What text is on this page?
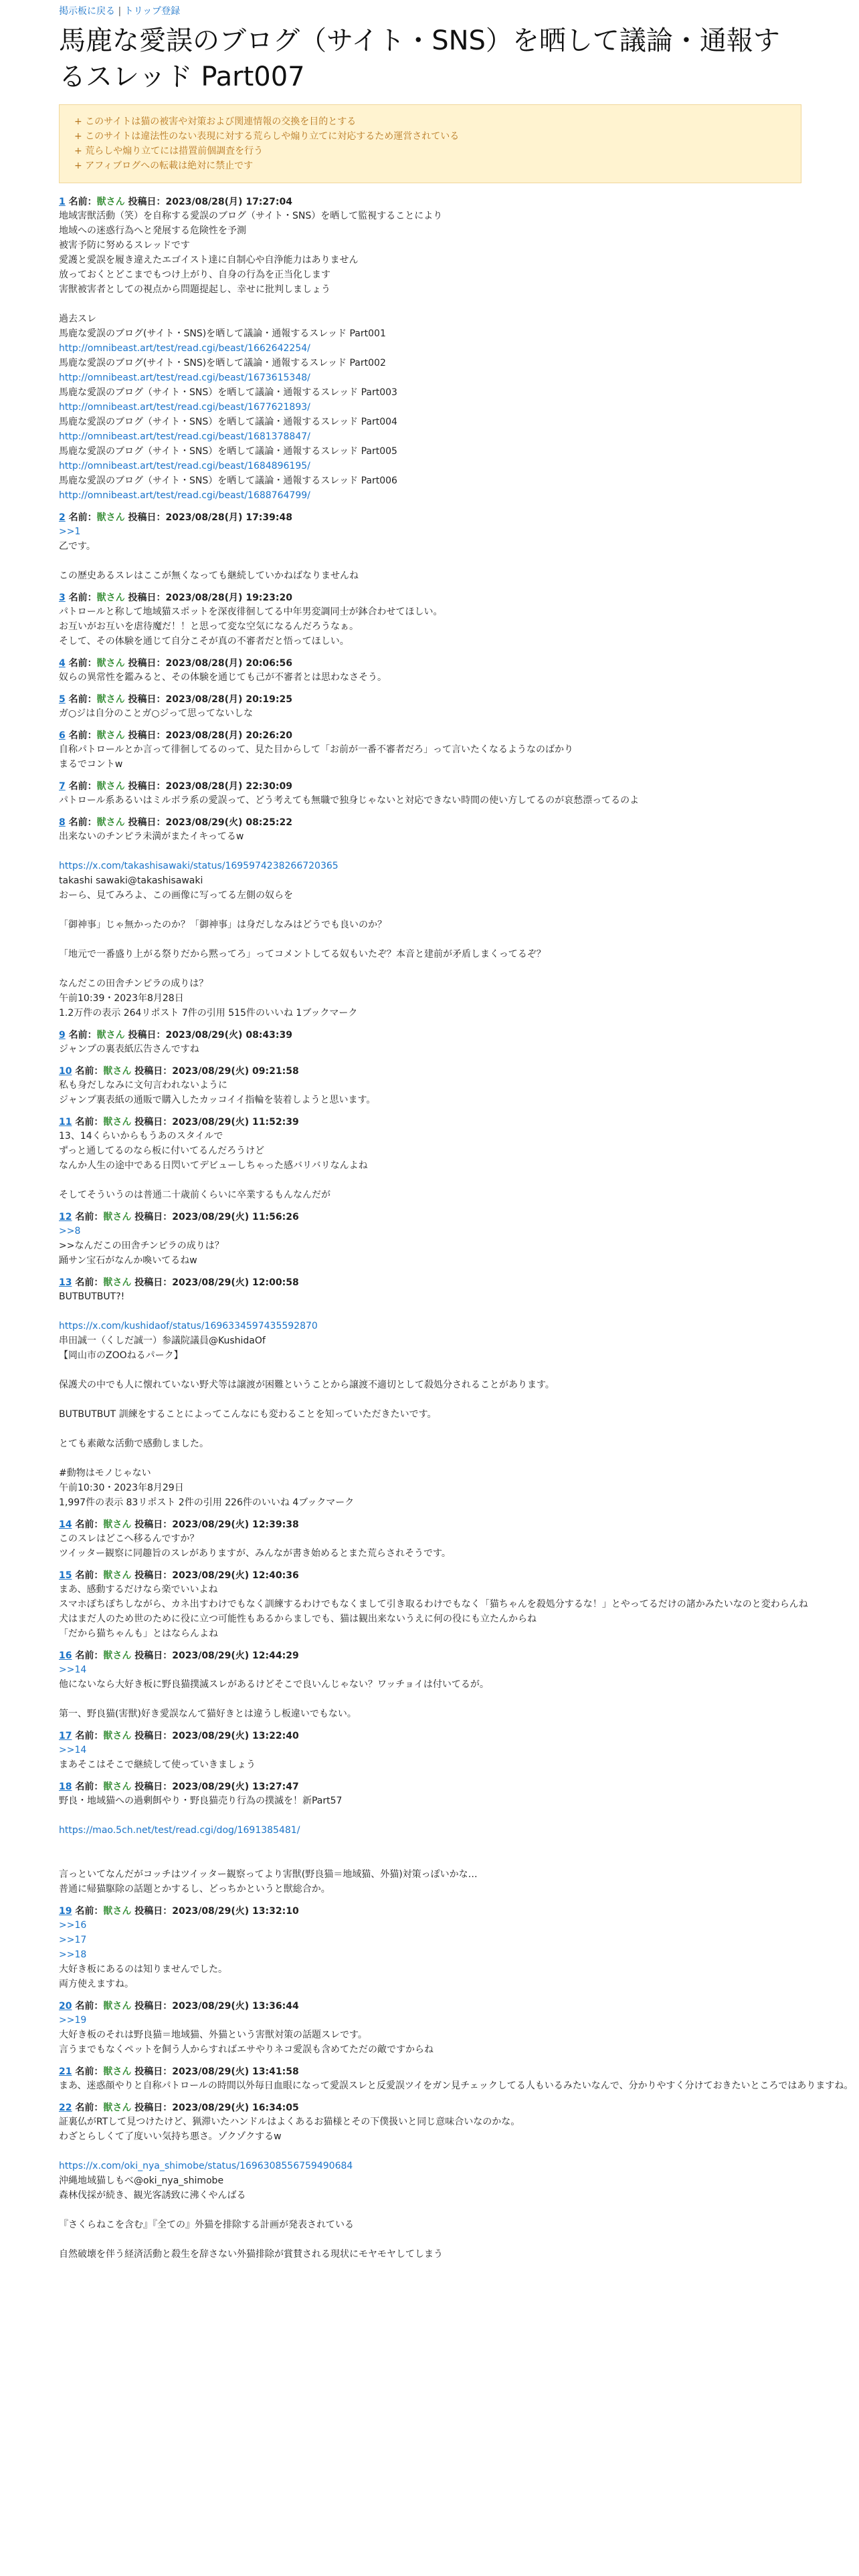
掲示板に戻る | トリップ登録
馬鹿な愛誤のブログ（サイト・SNS）を晒して議論・通報するスレッド Part007
+ このサイトは猫の被害や対策および関連情報の交換を目的とする
+ このサイトは違法性のない表現に対する荒らしや煽り立てに対応するため運営されている
+ 荒らしや煽り立てには措置前個調査を行う
+ アフィブログへの転載は絶対に禁止です
1 名前：獣さん 投稿日：2023/08/28(月) 17:27:04
地域害獣活動（笑）を自称する愛誤のブログ（サイト・SNS）を晒して監視することにより
地域への迷惑行為へと発展する危険性を予測
被害予防に努めるスレッドです
愛護と愛誤を履き違えたエゴイスト達に自制心や自浄能力はありません
放っておくとどこまでもつけ上がり、自身の行為を正当化します
害獣被害者としての視点から問題提起し、幸せに批判しましょう
過去スレ
馬鹿な愛誤のブログ(サイト・SNS)を晒して議論・通報するスレッド Part001
http://omnibeast.art/test/read.cgi/beast/1662642254/
馬鹿な愛誤のブログ(サイト・SNS)を晒して議論・通報するスレッド Part002
http://omnibeast.art/test/read.cgi/beast/1673615348/
馬鹿な愛誤のブログ（サイト・SNS）を晒して議論・通報するスレッド Part003
http://omnibeast.art/test/read.cgi/beast/1677621893/
馬鹿な愛誤のブログ（サイト・SNS）を晒して議論・通報するスレッド Part004
http://omnibeast.art/test/read.cgi/beast/1681378847/
馬鹿な愛誤のブログ（サイト・SNS）を晒して議論・通報するスレッド Part005
http://omnibeast.art/test/read.cgi/beast/1684896195/
馬鹿な愛誤のブログ（サイト・SNS）を晒して議論・通報するスレッド Part006
http://omnibeast.art/test/read.cgi/beast/1688764799/
2 名前：獣さん 投稿日：2023/08/28(月) 17:39:48
>>1
乙です。
この歴史あるスレはここが無くなっても継続していかねばなりませんね
3 名前：獣さん 投稿日：2023/08/28(月) 19:23:20
パトロールと称して地域猫スポットを深夜徘徊してる中年男変調同士が鉢合わせてほしい。
お互いがお互いを虐待魔だ！！と思って変な空気になるんだろうなぁ。
そして、その体験を通じて自分こそが真の不審者だと悟ってほしい。
4 名前：獣さん 投稿日：2023/08/28(月) 20:06:56
奴らの異常性を鑑みると、その体験を通じても己が不審者とは思わなさそう。
5 名前：獣さん 投稿日：2023/08/28(月) 20:19:25
ガ○ジは自分のことガ○ジって思ってないしな
6 名前：獣さん 投稿日：2023/08/28(月) 20:26:20
自称パトロールとか言って徘徊してるのって、見た目からして「お前が一番不審者だろ」って言いたくなるようなのばかり
まるでコントw
7 名前：獣さん 投稿日：2023/08/28(月) 22:30:09
パトロール系あるいはミルボラ系の愛誤って、どう考えても無職で独身じゃないと対応できない時間の使い方してるのが哀愁漂ってるのよ
8 名前：獣さん 投稿日：2023/08/29(火) 08:25:22
出来ないのチンピラ未満がまたイキってるw
https://x.com/takashisawaki/status/1695974238266720365
takashi sawaki@takashisawaki
おーら、見てみろよ、この画像に写ってる左側の奴らを
「御神事」じゃ無かったのか？「御神事」は身だしなみはどうでも良いのか？
「地元で一番盛り上がる祭りだから黙ってろ」ってコメントしてる奴もいたぞ？本音と建前が矛盾しまくってるぞ？
なんだこの田舎チンピラの成りは？
午前10:39・2023年8月28日
1.2万件の表示 264リポスト 7件の引用 515件のいいね 1ブックマーク
9 名前：獣さん 投稿日：2023/08/29(火) 08:43:39
ジャンプの裏表紙広告さんですね
10 名前：獣さん 投稿日：2023/08/29(火) 09:21:58
私も身だしなみに文句言われないように
ジャンプ裏表紙の通販で購入したカッコイイ指輪を装着しようと思います。
11 名前：獣さん 投稿日：2023/08/29(火) 11:52:39
13、14くらいからもうあのスタイルで
ずっと通してるのなら板に付いてるんだろうけど
なんか人生の途中である日閃いてデビューしちゃった感バリバリなんよね
そしてそういうのは普通二十歳前くらいに卒業するもんなんだが
12 名前：獣さん 投稿日：2023/08/29(火) 11:56:26
>>8
>>なんだこの田舎チンピラの成りは？
踊サン宝石がなんか喚いてるねw
13 名前：獣さん 投稿日：2023/08/29(火) 12:00:58
BUTBUTBUT?!
https://x.com/kushidaof/status/1696334597435592870
串田誠一（くしだ誠一）参議院議員@KushidaOf
【岡山市のZOOねるパーク】
保護犬の中でも人に懐れていない野犬等は譲渡が困難ということから譲渡不適切として殺処分されることがあります。
BUTBUTBUT 訓練をすることによってこんなにも変わることを知っていただきたいです。
とても素敵な活動で感動しました。
#動物はモノじゃない
午前10:30・2023年8月29日
1,997件の表示 83リポスト 2件の引用 226件のいいね 4ブックマーク
14 名前：獣さん 投稿日：2023/08/29(火) 12:39:38
このスレはどこへ移るんですか？
ツイッター観察に同趣旨のスレがありますが、みんなが書き始めるとまた荒らされそうです。
15 名前：獣さん 投稿日：2023/08/29(火) 12:40:36
まあ、感動するだけなら楽でいいよね
スマホぽちぽちしながら、カネ出すわけでもなく訓練するわけでもなくまして引き取るわけでもなく「猫ちゃんを殺処分するな！」とやってるだけの諸かみたいなのと変わらんね
犬はまだ人のため世のために役に立つ可能性もあるからましでも、猫は観出来ないうえに何の役にも立たんからね
「だから猫ちゃんも」とはならんよね
16 名前：獣さん 投稿日：2023/08/29(火) 12:44:29
>>14
他にないなら大好き板に野良猫撲滅スレがあるけどそこで良いんじゃない？ワッチョイは付いてるが。
第一、野良猫(害獣)好き愛誤なんて猫好きとは違うし板違いでもない。
17 名前：獣さん 投稿日：2023/08/29(火) 13:22:40
>>14
まあそこはそこで継続して使っていきましょう
18 名前：獣さん 投稿日：2023/08/29(火) 13:27:47
野良・地域猫への過剰餌やり・野良猫売り行為の撲滅を！新Part57
https://mao.5ch.net/test/read.cgi/dog/1691385481/
言っといてなんだがコッチはツイッター観察ってより害獣(野良猫＝地域猫、外猫)対策っぽいかな…
普通に帰猫駆除の話題とかするし、どっちかというと獣総合か。
19 名前：獣さん 投稿日：2023/08/29(火) 13:32:10
>>16
>>17
>>18
大好き板にあるのは知りませんでした。
両方使えますね。
20 名前：獣さん 投稿日：2023/08/29(火) 13:36:44
>>19
大好き板のそれは野良猫＝地域猫、外猫という害獣対策の話題スレです。
言うまでもなくペットを飼う人からすればエサやりネコ愛誤も含めてただの敵ですからね
21 名前：獣さん 投稿日：2023/08/29(火) 13:41:58
まあ、迷惑顔やりと自称パトロールの時間以外毎日血眼になって愛誤スレと反愛誤ツイをガン見チェックしてる人もいるみたいなんで、分かりやすく分けておきたいところではありますね。
22 名前：獣さん 投稿日：2023/08/29(火) 16:34:05
証裏仏がRTして見つけたけど、猟滞いたハンドルはよくあるお猫様とその下僕扱いと同じ意味合いなのかな。
わざとらしくて了度いい気持ち悪さ。ゾクゾクするw
https://x.com/oki_nya_shimobe/status/1696308556759490684
沖縄地域猫しもべ@oki_nya_shimobe
森林伐採が続き、観光客誘致に沸くやんばる
『さくらねこを含む』『全ての』外猫を排除する計画が発表されている
自然破壊を伴う経済活動と殺生を辞さない外猫排除が賞賛される現状にモヤモヤしてしまう
